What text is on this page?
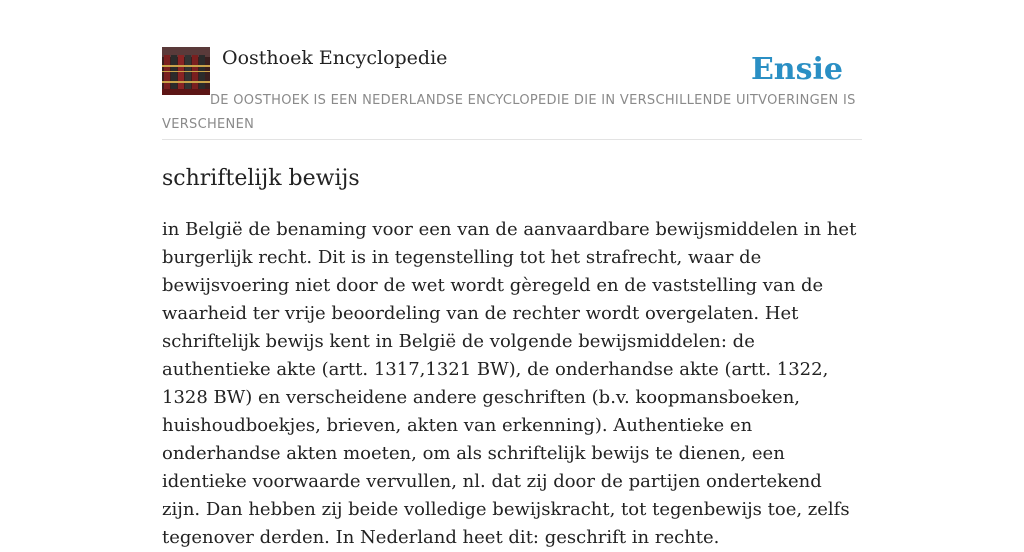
Oosthoek Encyclopedie	Ensie
DE OOSTHOEK IS EEN NEDERLANDSE ENCYCLOPEDIE DIE IN VERSCHILLENDE UITVOERINGEN IS VERSCHENEN
schriftelijk bewijs

in België de benaming voor een van de aanvaardbare bewijsmiddelen in het burgerlijk recht. Dit is in tegenstelling tot het strafrecht, waar de bewijsvoering niet door de wet wordt gèregeld en de vaststelling van de waarheid ter vrije beoordeling van de rechter wordt overgelaten. Het schriftelijk bewijs kent in België de volgende bewijsmiddelen: de authentieke akte (artt. 1317,1321 BW), de onderhandse akte (artt. 1322, 1328 BW) en verscheidene andere geschriften (b.v. koopmansboeken, huishoudboekjes, brieven, akten van erkenning). Authentieke en onderhandse akten moeten, om als schriftelijk bewijs te dienen, een identieke voorwaarde vervullen, nl. dat zij door de partijen ondertekend zijn. Dan hebben zij beide volledige bewijskracht, tot tegenbewijs toe, zelfs tegenover derden. In Nederland heet dit: geschrift in rechte.
